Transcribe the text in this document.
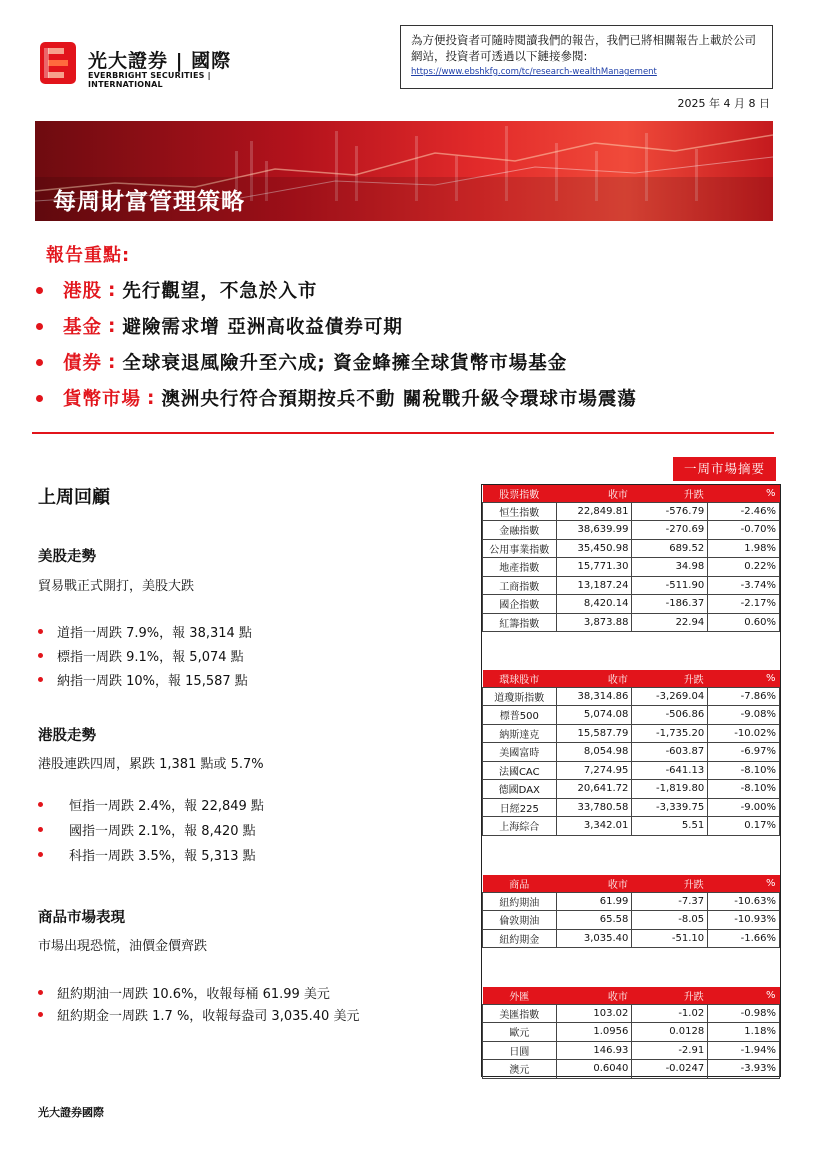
光大證券 | 國際
EVERBRIGHT SECURITIES | INTERNATIONAL
為方便投資者可隨時閱讀我們的報告，我們已將相關報告上載於公司網站，投資者可透過以下鏈接參閱:
https://www.ebshkfg.com/tc/research-wealthManagement
2025 年 4 月 8 日
每周財富管理策略
報告重點:
港股 : 先行觀望，不急於入市
基金 : 避險需求增 亞洲高收益債券可期
債券 : 全球衰退風險升至六成; 資金蜂擁全球貨幣市場基金
貨幣市場 : 澳洲央行符合預期按兵不動 關稅戰升級令環球市場震蕩
上周回顧
美股走勢
貿易戰正式開打，美股大跌
道指一周跌 7.9%，報 38,314 點
標指一周跌 9.1%，報 5,074 點
納指一周跌 10%，報 15,587 點
港股走勢
港股連跌四周，累跌 1,381 點或 5.7%
恒指一周跌 2.4%，報 22,849 點
國指一周跌 2.1%，報 8,420 點
科指一周跌 3.5%，報 5,313 點
商品市場表現
市場出現恐慌，油價金價齊跌
紐約期油一周跌 10.6%，收報每桶 61.99 美元
紐約期金一周跌 1.7 %，收報每盎司 3,035.40 美元
一周市場摘要
股票指數	收市	升跌	%
恒生指數	22,849.81	-576.79	-2.46%
金融指數	38,639.99	-270.69	-0.70%
公用事業指數	35,450.98	689.52	1.98%
地產指數	15,771.30	34.98	0.22%
工商指數	13,187.24	-511.90	-3.74%
國企指數	8,420.14	-186.37	-2.17%
紅籌指數	3,873.88	22.94	0.60%
環球股市	收市	升跌	%
道瓊斯指數	38,314.86	-3,269.04	-7.86%
標普500	5,074.08	-506.86	-9.08%
納斯達克	15,587.79	-1,735.20	-10.02%
美國富時	8,054.98	-603.87	-6.97%
法國CAC	7,274.95	-641.13	-8.10%
德國DAX	20,641.72	-1,819.80	-8.10%
日經225	33,780.58	-3,339.75	-9.00%
上海綜合	3,342.01	5.51	0.17%
商品	收市	升跌	%
紐約期油	61.99	-7.37	-10.63%
倫敦期油	65.58	-8.05	-10.93%
紐約期金	3,035.40	-51.10	-1.66%
外匯	收市	升跌	%
美匯指數	103.02	-1.02	-0.98%
歐元	1.0956	0.0128	1.18%
日圓	146.93	-2.91	-1.94%
澳元	0.6040	-0.0247	-3.93%
光大證券國際
